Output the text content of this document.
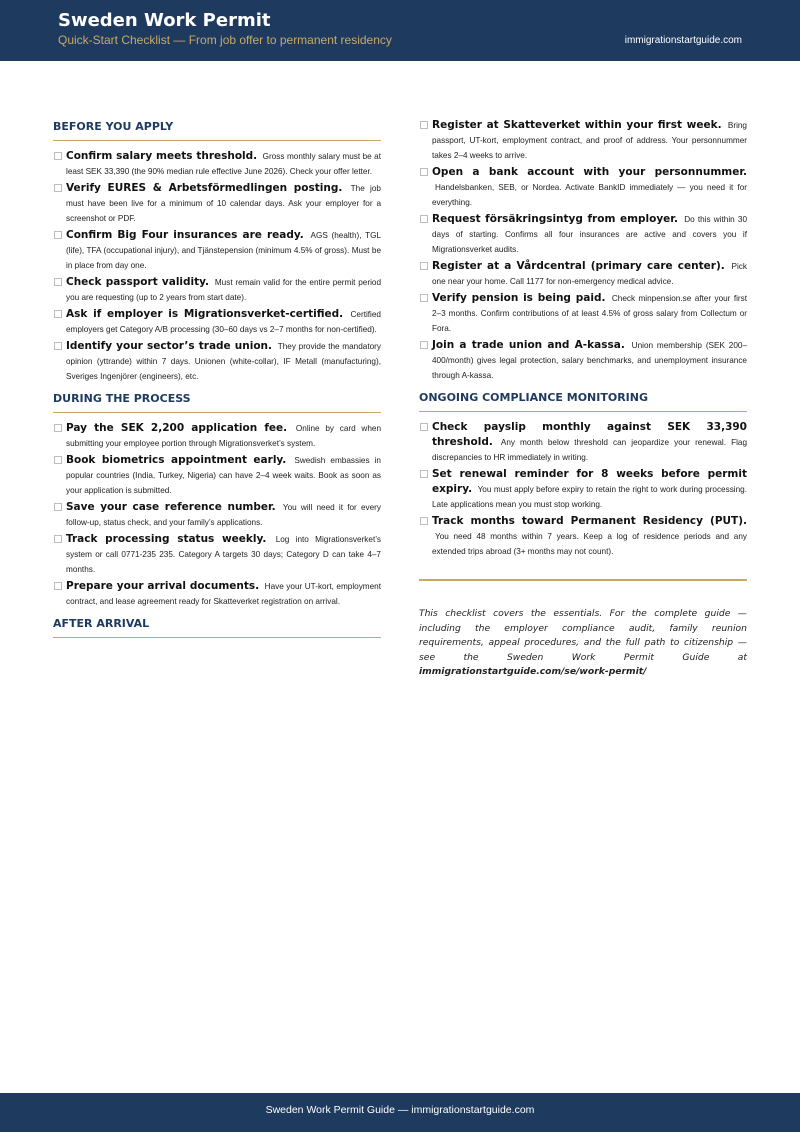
Sweden Work Permit
Quick-Start Checklist — From job offer to permanent residency	immigrationstartguide.com
BEFORE YOU APPLY
Confirm salary meets threshold. Gross monthly salary must be at least SEK 33,390 (the 90% median rule effective June 2026). Check your offer letter.
Verify EURES & Arbetsförmedlingen posting. The job must have been live for a minimum of 10 calendar days. Ask your employer for a screenshot or PDF.
Confirm Big Four insurances are ready. AGS (health), TGL (life), TFA (occupational injury), and Tjänstepension (minimum 4.5% of gross). Must be in place from day one.
Check passport validity. Must remain valid for the entire permit period you are requesting (up to 2 years from start date).
Ask if employer is Migrationsverket-certified. Certified employers get Category A/B processing (30–60 days vs 2–7 months for non-certified).
Identify your sector’s trade union. They provide the mandatory opinion (yttrande) within 7 days. Unionen (white-collar), IF Metall (manufacturing), Sveriges Ingenjörer (engineers), etc.
DURING THE PROCESS
Pay the SEK 2,200 application fee. Online by card when submitting your employee portion through Migrationsverket’s system.
Book biometrics appointment early. Swedish embassies in popular countries (India, Turkey, Nigeria) can have 2–4 week waits. Book as soon as your application is submitted.
Save your case reference number. You will need it for every follow-up, status check, and your family’s applications.
Track processing status weekly. Log into Migrationsverket’s system or call 0771-235 235. Category A targets 30 days; Category D can take 4–7 months.
Prepare your arrival documents. Have your UT-kort, employment contract, and lease agreement ready for Skatteverket registration on arrival.
AFTER ARRIVAL
Register at Skatteverket within your first week. Bring passport, UT-kort, employment contract, and proof of address. Your personnummer takes 2–4 weeks to arrive.
Open a bank account with your personnummer. Handelsbanken, SEB, or Nordea. Activate BankID immediately — you need it for everything.
Request försäkringsintyg from employer. Do this within 30 days of starting. Confirms all four insurances are active and covers you if Migrationsverket audits.
Register at a Vårdcentral (primary care center). Pick one near your home. Call 1177 for non-emergency medical advice.
Verify pension is being paid. Check minpension.se after your first 2–3 months. Confirm contributions of at least 4.5% of gross salary from Collectum or Fora.
Join a trade union and A-kassa. Union membership (SEK 200–400/month) gives legal protection, salary benchmarks, and unemployment insurance through A-kassa.
ONGOING COMPLIANCE MONITORING
Check payslip monthly against SEK 33,390 threshold. Any month below threshold can jeopardize your renewal. Flag discrepancies to HR immediately in writing.
Set renewal reminder for 8 weeks before permit expiry. You must apply before expiry to retain the right to work during processing. Late applications mean you must stop working.
Track months toward Permanent Residency (PUT). You need 48 months within 7 years. Keep a log of residence periods and any extended trips abroad (3+ months may not count).
This checklist covers the essentials. For the complete guide — including the employer compliance audit, family reunion requirements, appeal procedures, and the full path to citizenship — see the Sweden Work Permit Guide at immigrationstartguide.com/se/work-permit/
Sweden Work Permit Guide — immigrationstartguide.com
